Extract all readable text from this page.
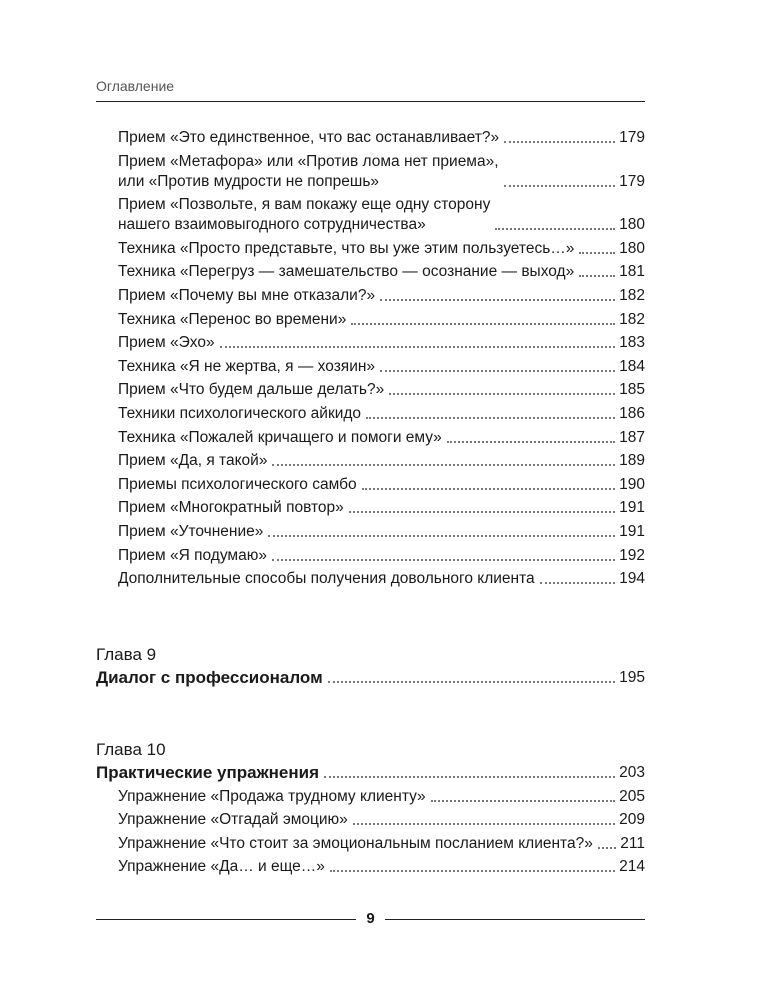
Оглавление
Прием «Это единственное, что вас останавливает?»	179
Прием «Метафора» или «Против лома нет приема»,
или «Против мудрости не попрешь»	179
Прием «Позвольте, я вам покажу еще одну сторону
нашего взаимовыгодного сотрудничества»	180
Техника «Просто представьте, что вы уже этим пользуетесь…»	180
Техника «Перегруз — замешательство — осознание — выход»	181
Прием «Почему вы мне отказали?»	182
Техника «Перенос во времени»	182
Прием «Эхо»	183
Техника «Я не жертва, я — хозяин»	184
Прием «Что будем дальше делать?»	185
Техники психологического айкидо	186
Техника «Пожалей кричащего и помоги ему»	187
Прием «Да, я такой»	189
Приемы психологического самбо	190
Прием «Многократный повтор»	191
Прием «Уточнение»	191
Прием «Я подумаю»	192
Дополнительные способы получения довольного клиента	194
Глава 9
Диалог с профессионалом	195
Глава 10
Практические упражнения	203
Упражнение «Продажа трудному клиенту»	205
Упражнение «Отгадай эмоцию»	209
Упражнение «Что стоит за эмоциональным посланием клиента?» 211
Упражнение «Да… и еще…»	214
9
